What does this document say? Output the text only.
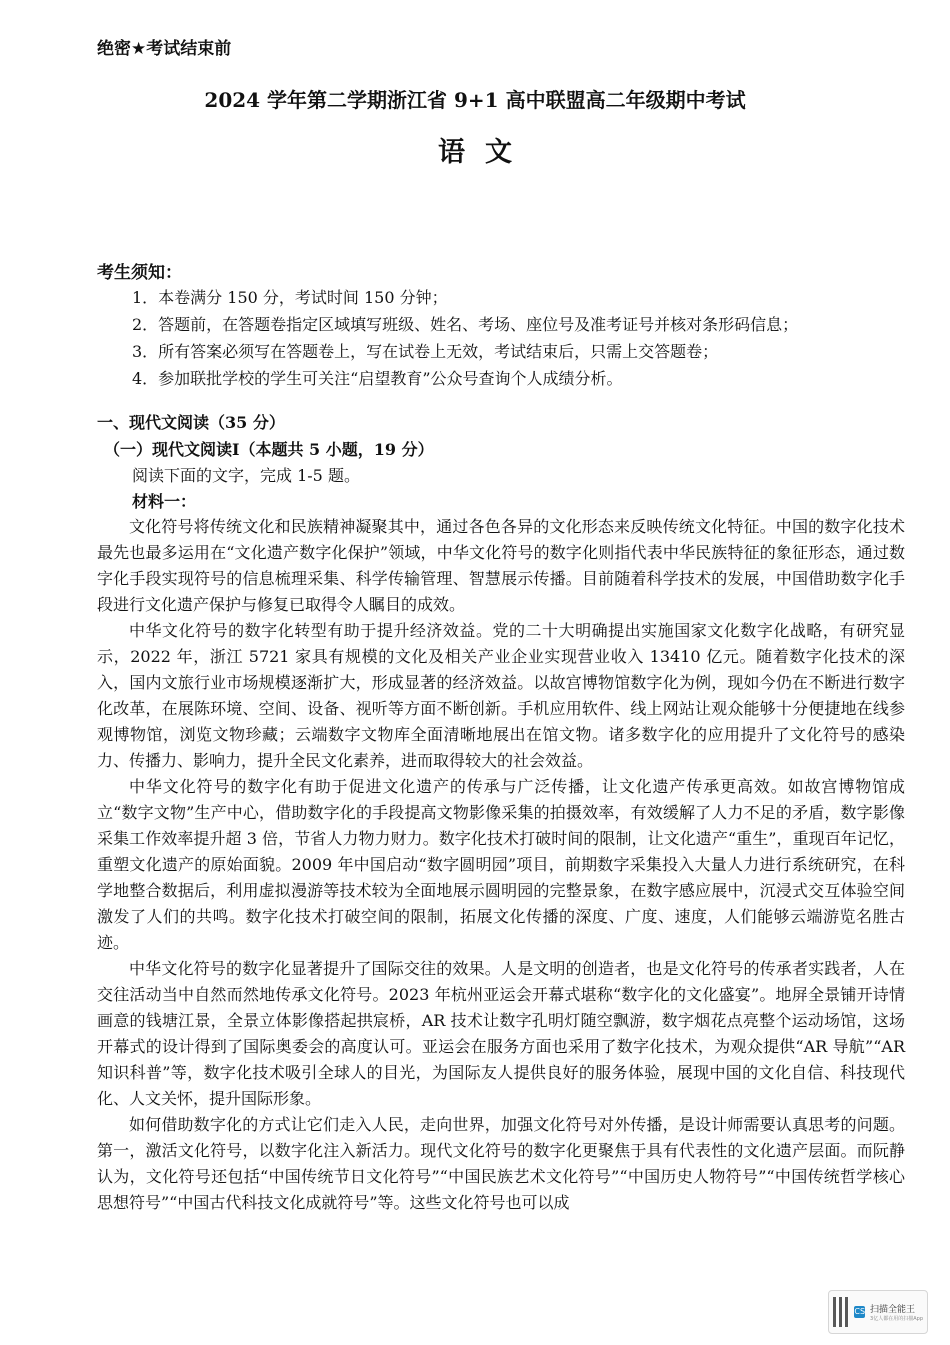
绝密★考试结束前
2024 学年第二学期浙江省 9+1 高中联盟高二年级期中考试
语文
考生须知：
1．本卷满分 150 分，考试时间 150 分钟；
2．答题前，在答题卷指定区域填写班级、姓名、考场、座位号及准考证号并核对条形码信息；
3．所有答案必须写在答题卷上，写在试卷上无效，考试结束后，只需上交答题卷；
4．参加联批学校的学生可关注“启望教育”公众号查询个人成绩分析。
一、现代文阅读（35 分）
（一）现代文阅读Ⅰ（本题共 5 小题，19 分）
阅读下面的文字，完成 1-5 题。
材料一：

文化符号将传统文化和民族精神凝聚其中，通过各色各异的文化形态来反映传统文化特征。中国的数字化技术最先也最多运用在“文化遗产数字化保护”领域，中华文化符号的数字化则指代表中华民族特征的象征形态，通过数字化手段实现符号的信息梳理采集、科学传输管理、智慧展示传播。目前随着科学技术的发展，中国借助数字化手段进行文化遗产保护与修复已取得令人瞩目的成效。

中华文化符号的数字化转型有助于提升经济效益。党的二十大明确提出实施国家文化数字化战略，有研究显示，2022 年，浙江 5721 家具有规模的文化及相关产业企业实现营业收入 13410 亿元。随着数字化技术的深入，国内文旅行业市场规模逐渐扩大，形成显著的经济效益。以故宫博物馆数字化为例，现如今仍在不断进行数字化改革，在展陈环境、空间、设备、视听等方面不断创新。手机应用软件、线上网站让观众能够十分便捷地在线参观博物馆，浏览文物珍藏；云端数字文物库全面清晰地展出在馆文物。诸多数字化的应用提升了文化符号的感染力、传播力、影响力，提升全民文化素养，进而取得较大的社会效益。

中华文化符号的数字化有助于促进文化遗产的传承与广泛传播，让文化遗产传承更高效。如故宫博物馆成立“数字文物”生产中心，借助数字化的手段提高文物影像采集的拍摄效率，有效缓解了人力不足的矛盾，数字影像采集工作效率提升超 3 倍，节省人力物力财力。数字化技术打破时间的限制，让文化遗产“重生”，重现百年记忆，重塑文化遗产的原始面貌。2009 年中国启动“数字圆明园”项目，前期数字采集投入大量人力进行系统研究，在科学地整合数据后，利用虚拟漫游等技术较为全面地展示圆明园的完整景象，在数字感应展中，沉浸式交互体验空间激发了人们的共鸣。数字化技术打破空间的限制，拓展文化传播的深度、广度、速度，人们能够云端游览名胜古迹。

中华文化符号的数字化显著提升了国际交往的效果。人是文明的创造者，也是文化符号的传承者实践者，人在交往活动当中自然而然地传承文化符号。2023 年杭州亚运会开幕式堪称“数字化的文化盛宴”。地屏全景铺开诗情画意的钱塘江景，全景立体影像搭起拱宸桥，AR 技术让数字孔明灯随空飘游，数字烟花点亮整个运动场馆，这场开幕式的设计得到了国际奥委会的高度认可。亚运会在服务方面也采用了数字化技术，为观众提供“AR 导航”“AR 知识科普”等，数字化技术吸引全球人的目光，为国际友人提供良好的服务体验，展现中国的文化自信、科技现代化、人文关怀，提升国际形象。

如何借助数字化的方式让它们走入人民，走向世界，加强文化符号对外传播，是设计师需要认真思考的问题。第一，激活文化符号，以数字化注入新活力。现代文化符号的数字化更聚焦于具有代表性的文化遗产层面。而阮静认为，文化符号还包括“中国传统节日文化符号”“中国民族艺术文化符号”“中国历史人物符号”“中国传统哲学核心思想符号”“中国古代科技文化成就符号”等。这些文化符号也可以成

CS 扫描全能王
3亿人都在用的扫描App
